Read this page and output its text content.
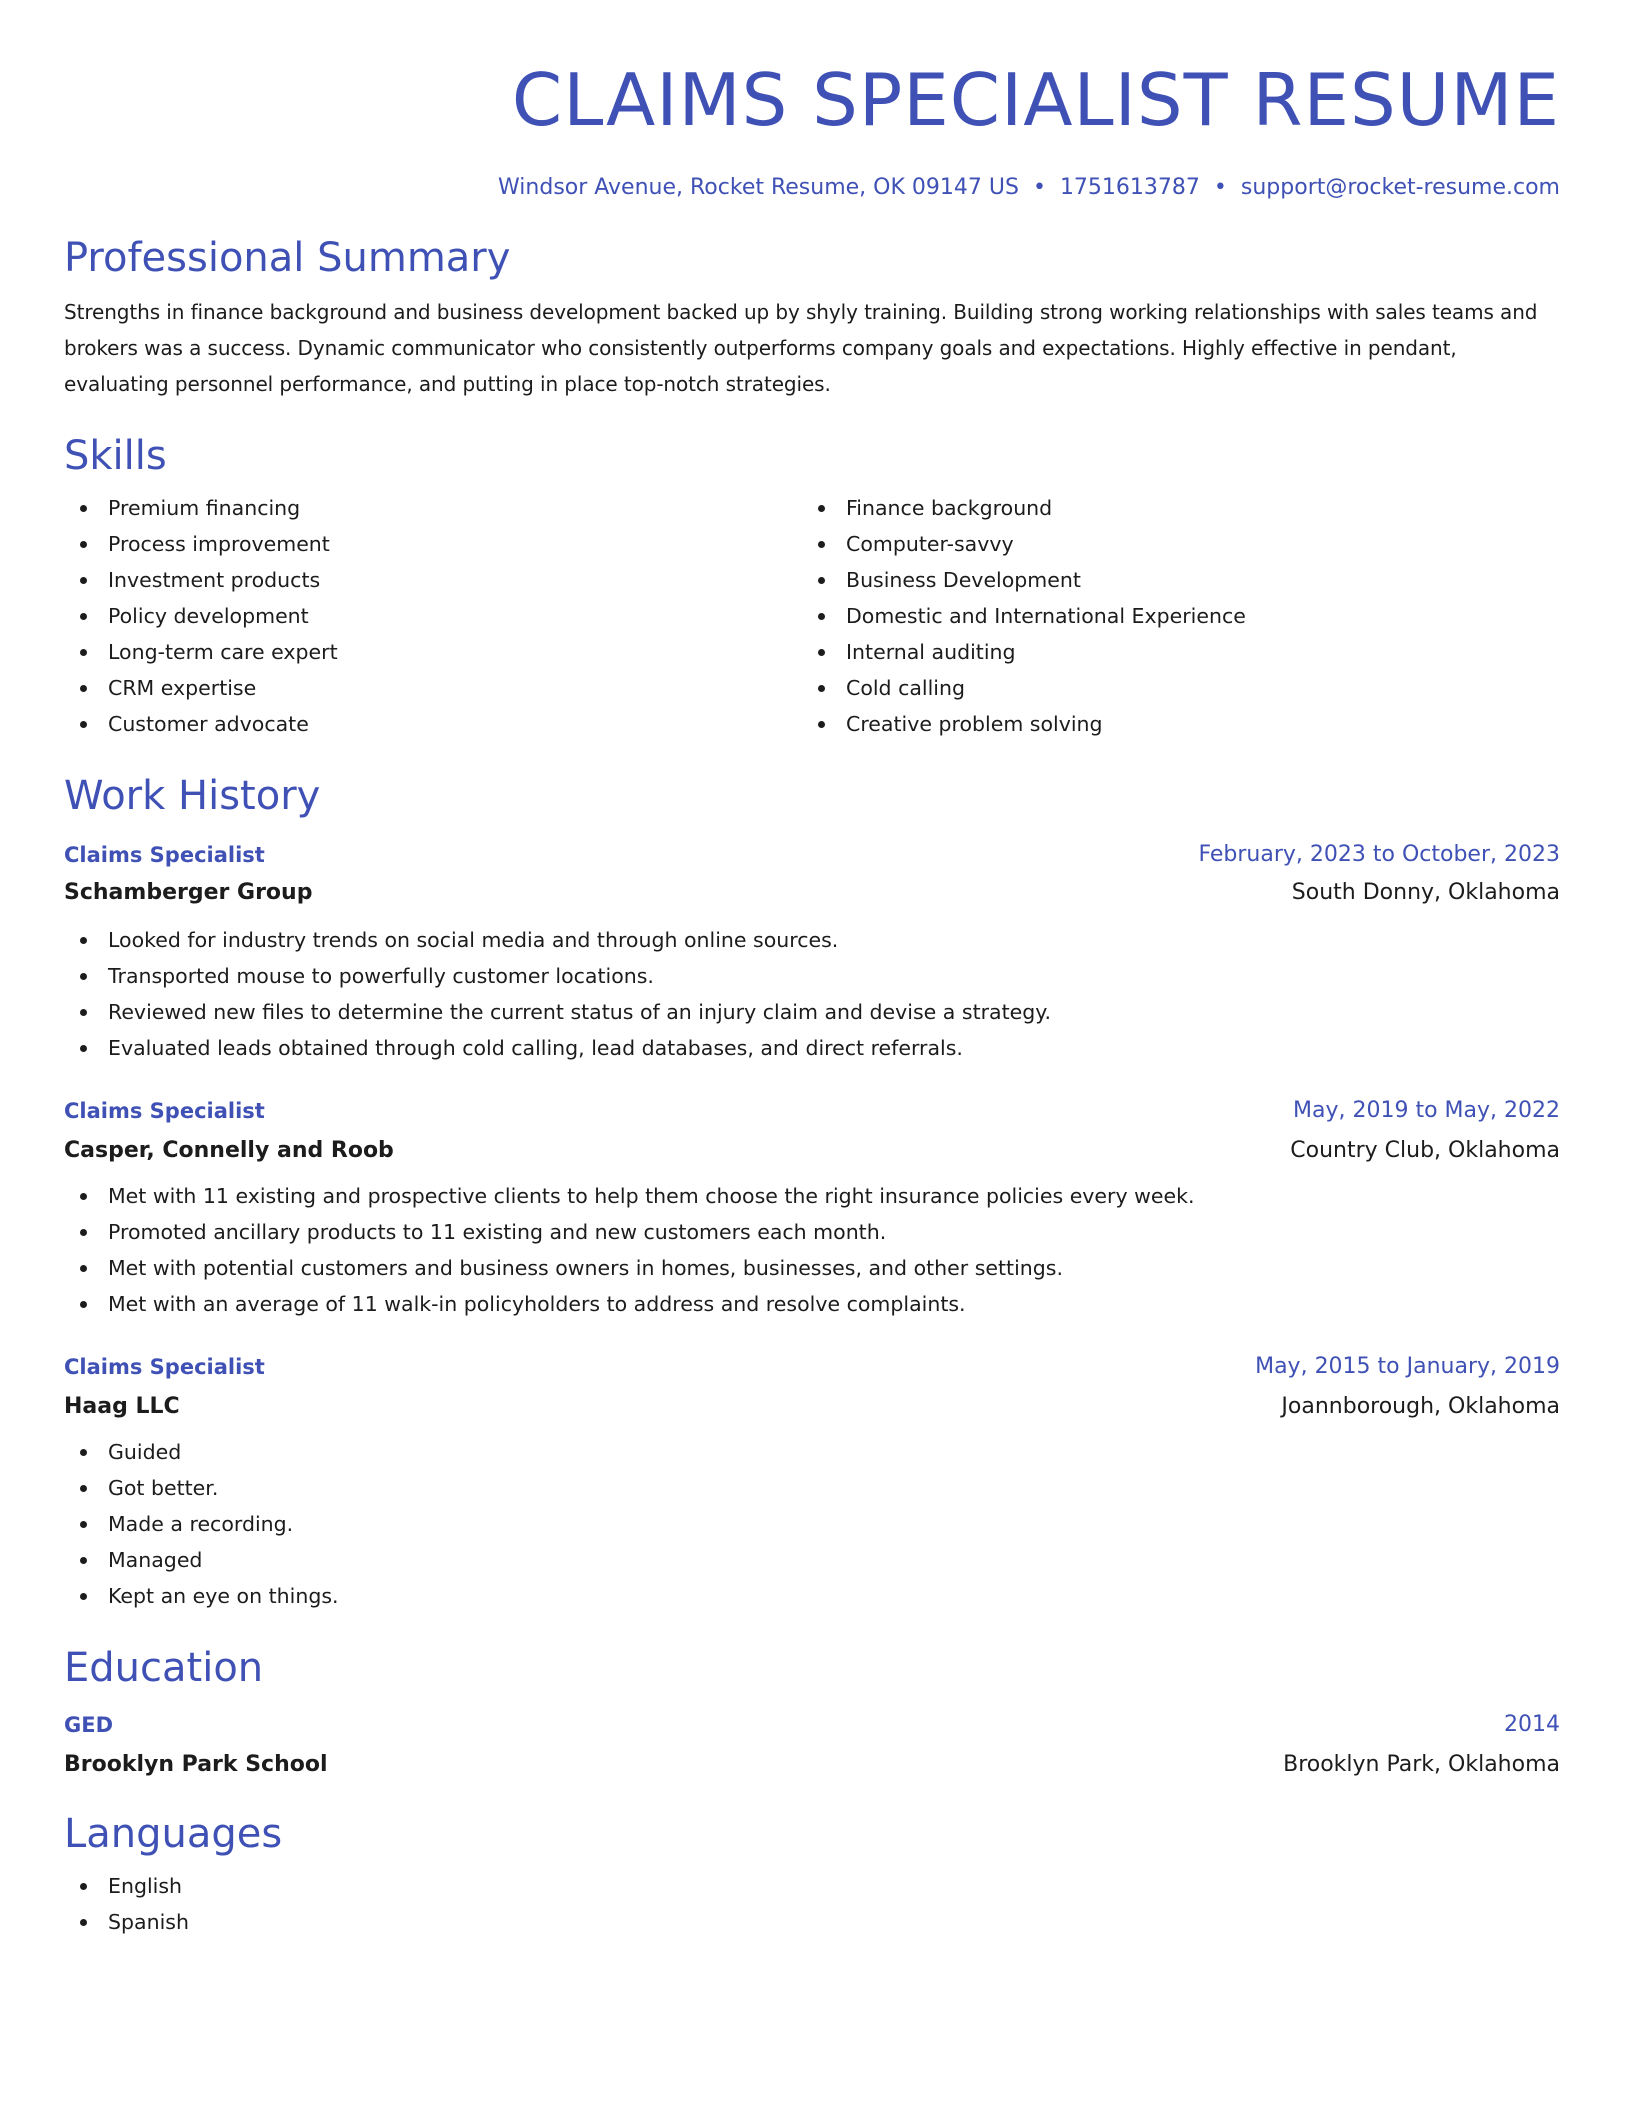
CLAIMS SPECIALIST RESUME
Windsor Avenue, Rocket Resume, OK 09147 US • 1751613787 • support@rocket-resume.com
Professional Summary

Strengths in finance background and business development backed up by shyly training. Building strong working relationships with sales teams and brokers was a success. Dynamic communicator who consistently outperforms company goals and expectations. Highly effective in pendant, evaluating personnel performance, and putting in place top-notch strategies.

Skills
Premium financing
Process improvement
Investment products
Policy development
Long-term care expert
CRM expertise
Customer advocate
Finance background
Computer-savvy
Business Development
Domestic and International Experience
Internal auditing
Cold calling
Creative problem solving
Work History
Claims Specialist	February, 2023 to October, 2023
Schamberger Group	South Donny, Oklahoma
Looked for industry trends on social media and through online sources.
Transported mouse to powerfully customer locations.
Reviewed new files to determine the current status of an injury claim and devise a strategy.
Evaluated leads obtained through cold calling, lead databases, and direct referrals.
Claims Specialist	May, 2019 to May, 2022
Casper, Connelly and Roob	Country Club, Oklahoma
Met with 11 existing and prospective clients to help them choose the right insurance policies every week.
Promoted ancillary products to 11 existing and new customers each month.
Met with potential customers and business owners in homes, businesses, and other settings.
Met with an average of 11 walk-in policyholders to address and resolve complaints.
Claims Specialist	May, 2015 to January, 2019
Haag LLC	Joannborough, Oklahoma
Guided
Got better.
Made a recording.
Managed
Kept an eye on things.
Education
GED	2014
Brooklyn Park School	Brooklyn Park, Oklahoma
Languages
English
Spanish
